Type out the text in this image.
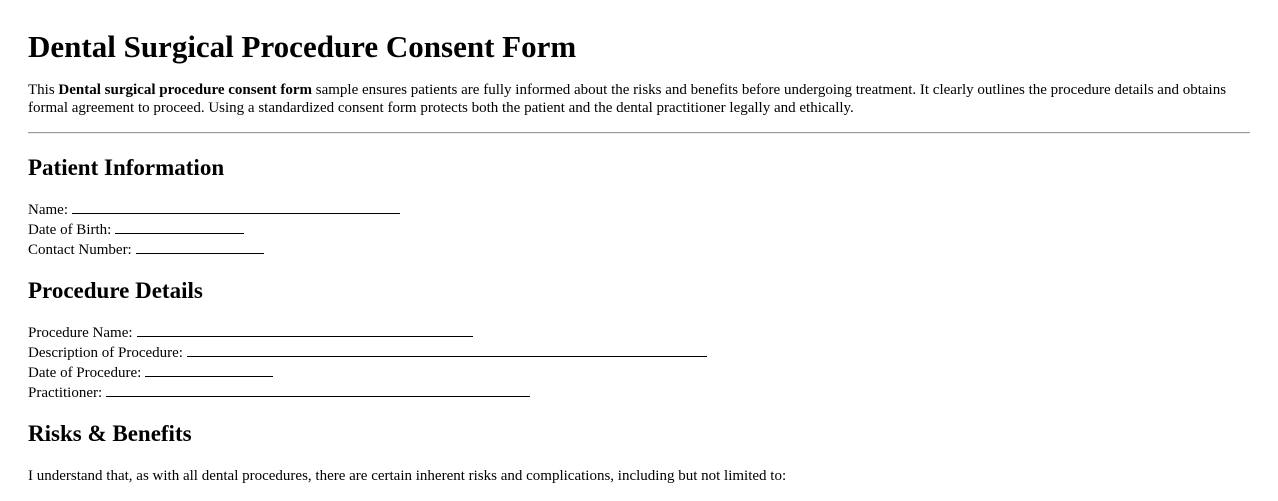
Dental Surgical Procedure Consent Form

This Dental surgical procedure consent form sample ensures patients are fully informed about the risks and benefits before undergoing treatment. It clearly outlines the procedure details and obtains formal agreement to proceed. Using a standardized consent form protects both the patient and the dental practitioner legally and ethically.

Patient Information
Name:
Date of Birth:
Contact Number:
Procedure Details
Procedure Name:
Description of Procedure:
Date of Procedure:
Practitioner:
Risks & Benefits

I understand that, as with all dental procedures, there are certain inherent risks and complications, including but not limited to:
